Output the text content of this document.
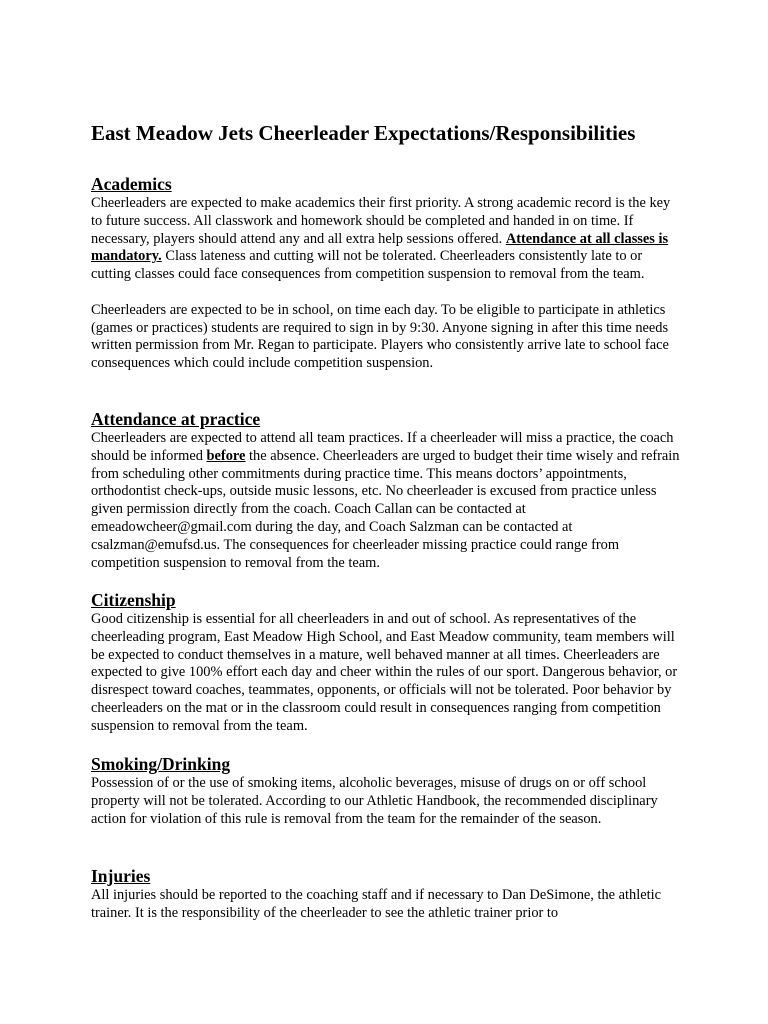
East Meadow Jets Cheerleader Expectations/Responsibilities
Academics

Cheerleaders are expected to make academics their first priority. A strong academic record is the key to future success. All classwork and homework should be completed and handed in on time. If necessary, players should attend any and all extra help sessions offered. Attendance at all classes is mandatory. Class lateness and cutting will not be tolerated. Cheerleaders consistently late to or cutting classes could face consequences from competition suspension to removal from the team.

Cheerleaders are expected to be in school, on time each day. To be eligible to participate in athletics (games or practices) students are required to sign in by 9:30. Anyone signing in after this time needs written permission from Mr. Regan to participate. Players who consistently arrive late to school face consequences which could include competition suspension.

Attendance at practice

Cheerleaders are expected to attend all team practices. If a cheerleader will miss a practice, the coach should be informed before the absence. Cheerleaders are urged to budget their time wisely and refrain from scheduling other commitments during practice time. This means doctors’ appointments, orthodontist check-ups, outside music lessons, etc. No cheerleader is excused from practice unless given permission directly from the coach. Coach Callan can be contacted at emeadowcheer@gmail.com during the day, and Coach Salzman can be contacted at csalzman@emufsd.us. The consequences for cheerleader missing practice could range from competition suspension to removal from the team.

Citizenship

Good citizenship is essential for all cheerleaders in and out of school. As representatives of the cheerleading program, East Meadow High School, and East Meadow community, team members will be expected to conduct themselves in a mature, well behaved manner at all times. Cheerleaders are expected to give 100% effort each day and cheer within the rules of our sport. Dangerous behavior, or disrespect toward coaches, teammates, opponents, or officials will not be tolerated. Poor behavior by cheerleaders on the mat or in the classroom could result in consequences ranging from competition suspension to removal from the team.

Smoking/Drinking

Possession of or the use of smoking items, alcoholic beverages, misuse of drugs on or off school property will not be tolerated. According to our Athletic Handbook, the recommended disciplinary action for violation of this rule is removal from the team for the remainder of the season.

Injuries

All injuries should be reported to the coaching staff and if necessary to Dan DeSimone, the athletic trainer. It is the responsibility of the cheerleader to see the athletic trainer prior to
